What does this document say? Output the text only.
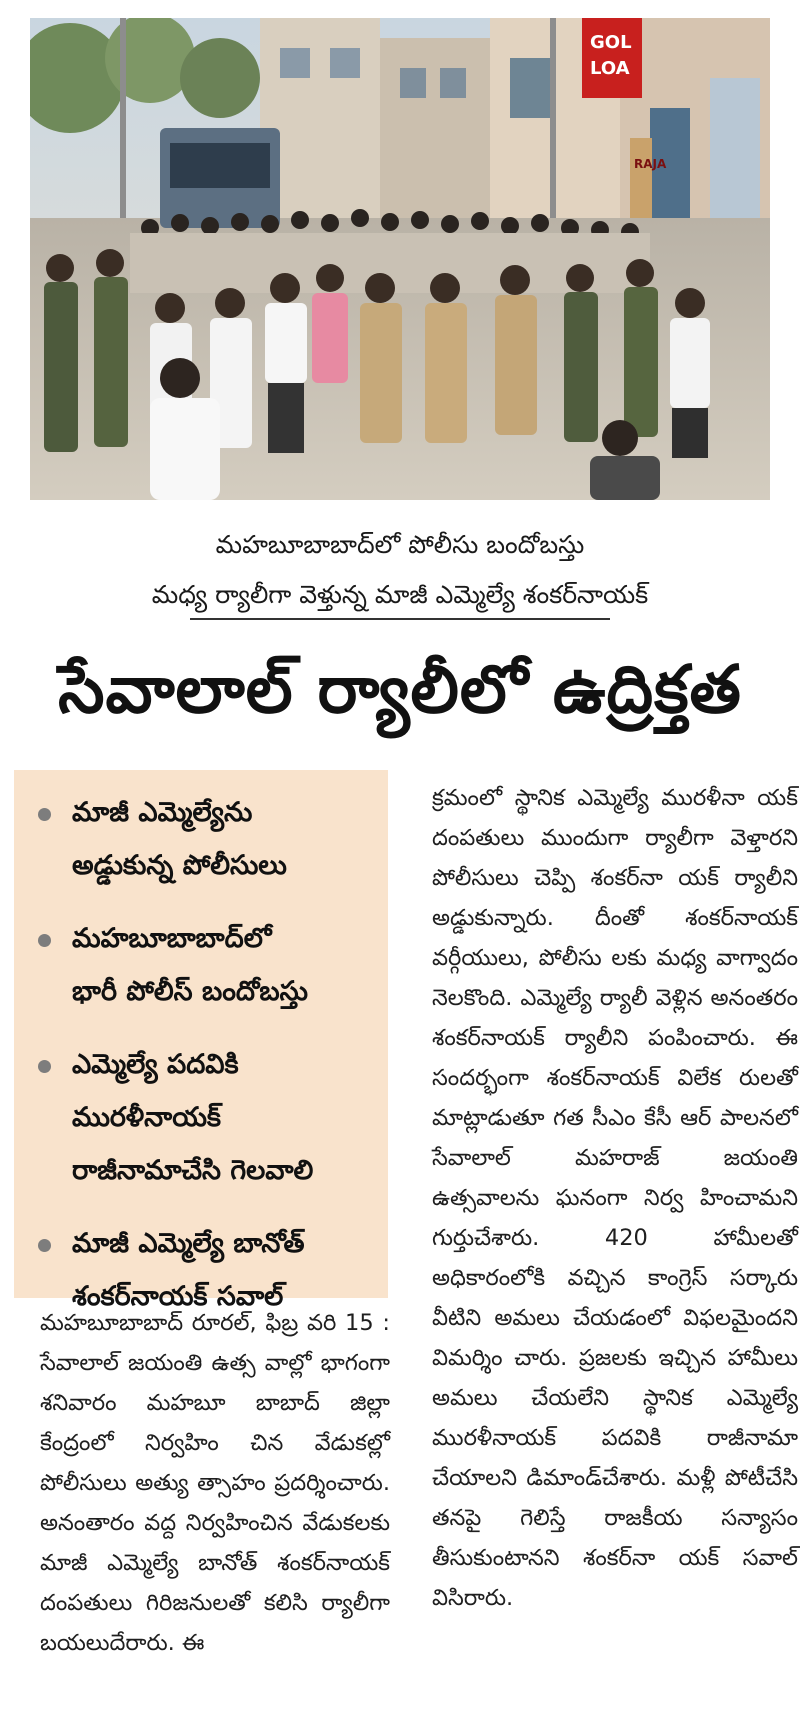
GOL
LOA
RAJA
మహబూబాబాద్‌లో పోలీసు బందోబస్తు
మధ్య ర్యాలీగా వెళ్తున్న మాజీ ఎమ్మెల్యే శంకర్‌నాయక్
సేవాలాల్ ర్యాలీలో ఉద్రిక్తత
మాజీ ఎమ్మెల్యేను
అడ్డుకున్న పోలీసులు
మహబూబాబాద్‌లో
భారీ పోలీస్ బందోబస్తు
ఎమ్మెల్యే పదవికి
మురళీనాయక్
రాజీనామాచేసి గెలవాలి
మాజీ ఎమ్మెల్యే బానోత్
శంకర్‌నాయక్ సవాల్
మహబూబాబాద్ రూరల్, ఫిబ్ర వరి 15 : సేవాలాల్ జయంతి ఉత్స వాల్లో భాగంగా శనివారం మహబూ బాబాద్ జిల్లా కేంద్రంలో నిర్వహిం చిన వేడుకల్లో పోలీసులు అత్యు త్సాహం ప్రదర్శించారు. అనంతారం వద్ద నిర్వహించిన వేడుకలకు మాజీ ఎమ్మెల్యే బానోత్ శంకర్‌నాయక్ దంపతులు గిరిజనులతో కలిసి ర్యాలీగా బయలుదేరారు. ఈ
క్రమంలో స్థానిక ఎమ్మెల్యే మురళీనా యక్ దంపతులు ముందుగా ర్యాలీగా వెళ్తారని పోలీసులు చెప్పి శంకర్‌నా యక్ ర్యాలీని అడ్డుకున్నారు. దీంతో శంకర్‌నాయక్ వర్గీయులు, పోలీసు లకు మధ్య వాగ్వాదం నెలకొంది. ఎమ్మెల్యే ర్యాలీ వెళ్లిన అనంతరం శంకర్‌నాయక్ ర్యాలీని పంపించారు. ఈ సందర్భంగా శంకర్‌నాయక్ విలేక రులతో మాట్లాడుతూ గత సీఎం కేసీ ఆర్ పాలనలో సేవాలాల్ మహరాజ్ జయంతి ఉత్సవాలను ఘనంగా నిర్వ హించామని గుర్తుచేశారు. 420 హామీలతో అధికారంలోకి వచ్చిన కాంగ్రెస్ సర్కారు వీటిని అమలు చేయడంలో విఫలమైందని విమర్శిం చారు. ప్రజలకు ఇచ్చిన హామీలు అమలు చేయలేని స్థానిక ఎమ్మెల్యే మురళీనాయక్ పదవికి రాజీనామా చేయాలని డిమాండ్‌చేశారు. మళ్లీ పోటీచేసి తనపై గెలిస్తే రాజకీయ సన్యాసం తీసుకుంటానని శంకర్‌నా యక్ సవాల్ విసిరారు.
